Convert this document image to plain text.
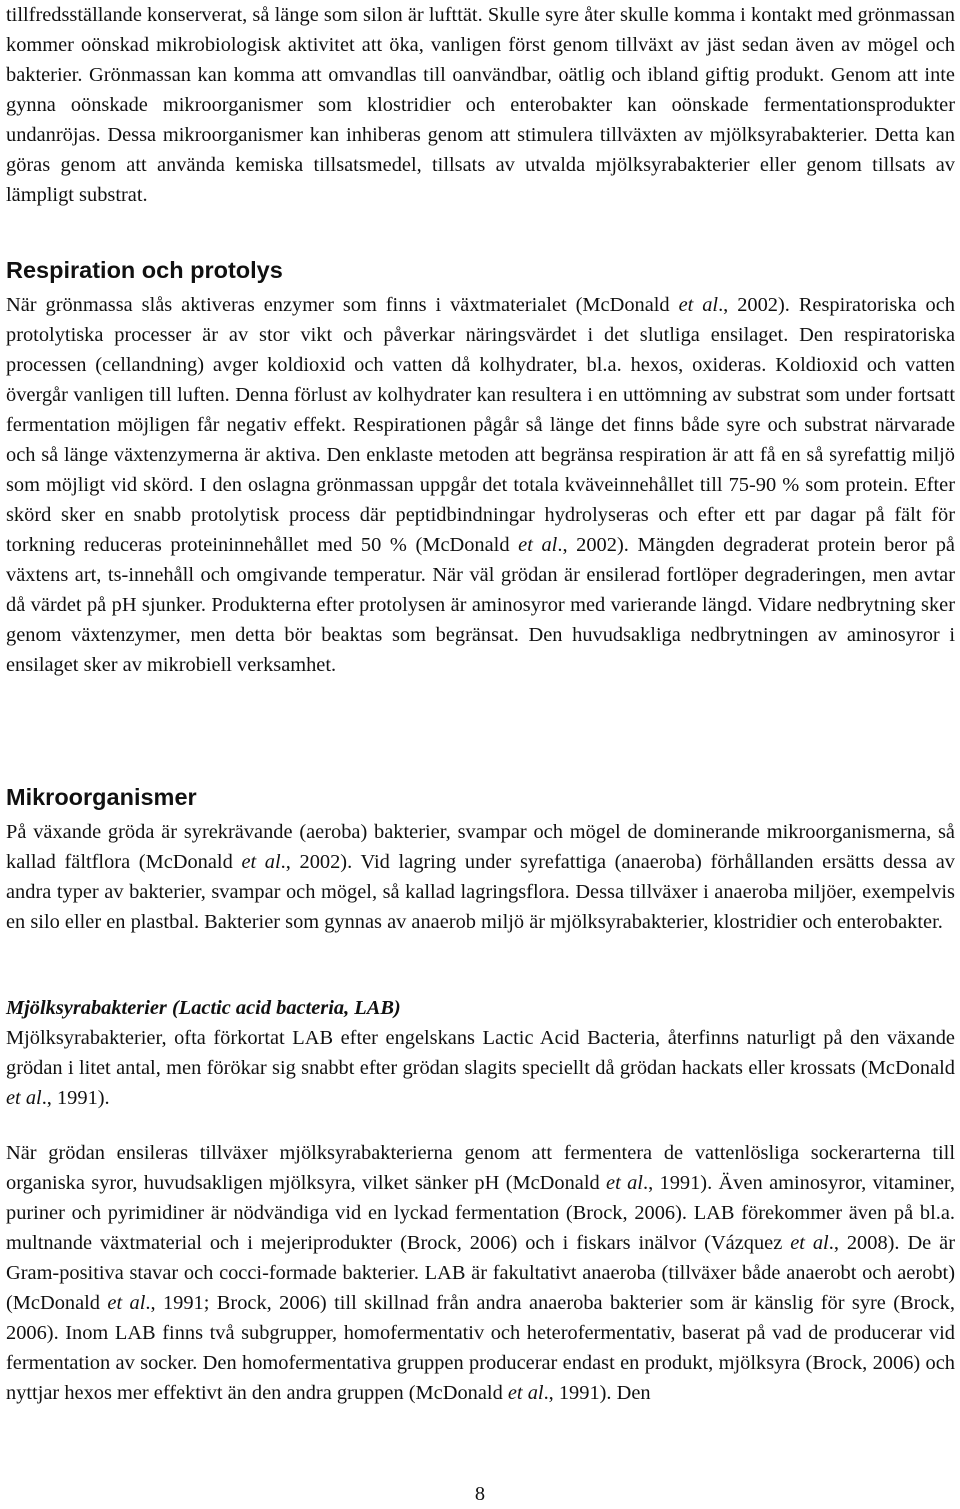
tillfredsställande konserverat, så länge som silon är lufttät. Skulle syre åter skulle komma i kontakt med grönmassan kommer oönskad mikrobiologisk aktivitet att öka, vanligen först genom tillväxt av jäst sedan även av mögel och bakterier. Grönmassan kan komma att omvandlas till oanvändbar, oätlig och ibland giftig produkt. Genom att inte gynna oönskade mikroorganismer som klostridier och enterobakter kan oönskade fermentationsprodukter undanröjas. Dessa mikroorganismer kan inhiberas genom att stimulera tillväxten av mjölksyrabakterier. Detta kan göras genom att använda kemiska tillsatsmedel, tillsats av utvalda mjölksyrabakterier eller genom tillsats av lämpligt substrat.

Respiration och protolys

När grönmassa slås aktiveras enzymer som finns i växtmaterialet (McDonald et al., 2002). Respiratoriska och protolytiska processer är av stor vikt och påverkar näringsvärdet i det slutliga ensilaget. Den respiratoriska processen (cellandning) avger koldioxid och vatten då kolhydrater, bl.a. hexos, oxideras. Koldioxid och vatten övergår vanligen till luften. Denna förlust av kolhydrater kan resultera i en uttömning av substrat som under fortsatt fermentation möjligen får negativ effekt. Respirationen pågår så länge det finns både syre och substrat närvarade och så länge växtenzymerna är aktiva. Den enklaste metoden att begränsa respiration är att få en så syrefattig miljö som möjligt vid skörd. I den oslagna grönmassan uppgår det totala kväveinnehållet till 75-90 % som protein. Efter skörd sker en snabb protolytisk process där peptidbindningar hydrolyseras och efter ett par dagar på fält för torkning reduceras proteininnehållet med 50 % (McDonald et al., 2002). Mängden degraderat protein beror på växtens art, ts-innehåll och omgivande temperatur. När väl grödan är ensilerad fortlöper degraderingen, men avtar då värdet på pH sjunker. Produkterna efter protolysen är aminosyror med varierande längd. Vidare nedbrytning sker genom växtenzymer, men detta bör beaktas som begränsat. Den huvudsakliga nedbrytningen av aminosyror i ensilaget sker av mikrobiell verksamhet.

Mikroorganismer

På växande gröda är syrekrävande (aeroba) bakterier, svampar och mögel de dominerande mikroorganismerna, så kallad fältflora (McDonald et al., 2002). Vid lagring under syrefattiga (anaeroba) förhållanden ersätts dessa av andra typer av bakterier, svampar och mögel, så kallad lagringsflora. Dessa tillväxer i anaeroba miljöer, exempelvis en silo eller en plastbal. Bakterier som gynnas av anaerob miljö är mjölksyrabakterier, klostridier och enterobakter.

Mjölksyrabakterier (Lactic acid bacteria, LAB)

Mjölksyrabakterier, ofta förkortat LAB efter engelskans Lactic Acid Bacteria, återfinns naturligt på den växande grödan i litet antal, men förökar sig snabbt efter grödan slagits speciellt då grödan hackats eller krossats (McDonald et al., 1991).

När grödan ensileras tillväxer mjölksyrabakterierna genom att fermentera de vattenlösliga sockerarterna till organiska syror, huvudsakligen mjölksyra, vilket sänker pH (McDonald et al., 1991). Även aminosyror, vitaminer, puriner och pyrimidiner är nödvändiga vid en lyckad fermentation (Brock, 2006). LAB förekommer även på bl.a. multnande växtmaterial och i mejeriprodukter (Brock, 2006) och i fiskars inälvor (Vázquez et al., 2008). De är Gram-positiva stavar och cocci-formade bakterier. LAB är fakultativt anaeroba (tillväxer både anaerobt och aerobt) (McDonald et al., 1991; Brock, 2006) till skillnad från andra anaeroba bakterier som är känslig för syre (Brock, 2006). Inom LAB finns två subgrupper, homofermentativ och heterofermentativ, baserat på vad de producerar vid fermentation av socker. Den homofermentativa gruppen producerar endast en produkt, mjölksyra (Brock, 2006) och nyttjar hexos mer effektivt än den andra gruppen (McDonald et al., 1991). Den

8
